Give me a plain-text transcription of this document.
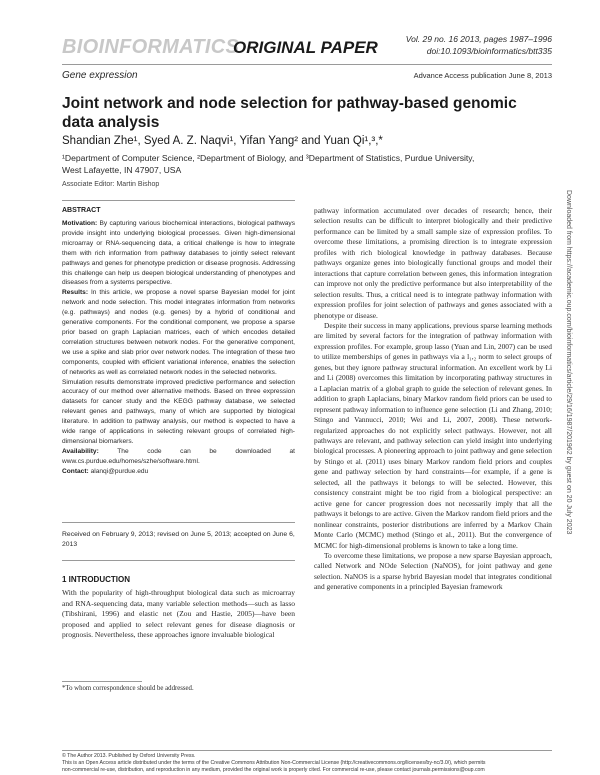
BIOINFORMATICS
ORIGINAL PAPER	Vol. 29 no. 16 2013, pages 1987–1996
doi:10.1093/bioinformatics/btt335
Gene expression	Advance Access publication June 8, 2013
Joint network and node selection for pathway-based genomic data analysis
Shandian Zhe¹, Syed A. Z. Naqvi¹, Yifan Yang² and Yuan Qi¹,³,*
¹Department of Computer Science, ²Department of Biology, and ³Department of Statistics, Purdue University,
West Lafayette, IN 47907, USA
Associate Editor: Martin Bishop
ABSTRACT

Motivation: By capturing various biochemical interactions, biological pathways provide insight into underlying biological processes. Given high-dimensional microarray or RNA-sequencing data, a critical challenge is how to integrate them with rich information from pathway databases to jointly select relevant pathways and genes for phenotype prediction or disease prognosis. Addressing this challenge can help us deepen biological understanding of phenotypes and diseases from a systems perspective.

Results: In this article, we propose a novel sparse Bayesian model for joint network and node selection. This model integrates information from networks (e.g. pathways) and nodes (e.g. genes) by a hybrid of conditional and generative components. For the conditional component, we propose a sparse prior based on graph Laplacian matrices, each of which encodes detailed correlation structures between network nodes. For the generative component, we use a spike and slab prior over network nodes. The integration of these two components, coupled with efficient variational inference, enables the selection of networks as well as correlated network nodes in the selected networks.

Simulation results demonstrate improved predictive performance and selection accuracy of our method over alternative methods. Based on three expression datasets for cancer study and the KEGG pathway database, we selected relevant genes and pathways, many of which are supported by biological literature. In addition to pathway analysis, our method is expected to have a wide range of applications in selecting relevant groups of correlated high-dimensional biomarkers.

Availability:	The code can be downloaded at www.cs.purdue.edu/homes/szhe/software.html.

Contact: alanqi@purdue.edu

Received on February 9, 2013; revised on June 5, 2013; accepted on June 6, 2013
1 INTRODUCTION
With the popularity of high-throughput biological data such as microarray and RNA-sequencing data, many variable selection methods—such as lasso (Tibshirani, 1996) and elastic net (Zou and Hastie, 2005)—have been proposed and applied to select relevant genes for disease diagnosis or prognosis. Nevertheless, these approaches ignore invaluable biological
*To whom correspondence should be addressed.

pathway information accumulated over decades of research; hence, their selection results can be difficult to interpret biologically and their predictive performance can be limited by a small sample size of expression profiles. To overcome these limitations, a promising direction is to integrate expression profiles with rich biological knowledge in pathway databases. Because pathways organize genes into biologically functional groups and model their interactions that capture correlation between genes, this information integration can improve not only the predictive performance but also interpretability of the selection results. Thus, a critical need is to integrate pathway information with expression profiles for joint selection of pathways and genes associated with a phenotype or disease.

Despite their success in many applications, previous sparse learning methods are limited by several factors for the integration of pathway information with expression profiles. For example, group lasso (Yuan and Lin, 2007) can be used to utilize memberships of genes in pathways via a l₁,₂ norm to select groups of genes, but they ignore pathway structural information. An excellent work by Li and Li (2008) overcomes this limitation by incorporating pathway structures in a Laplacian matrix of a global graph to guide the selection of relevant genes. In addition to graph Laplacians, binary Markov random field priors can be used to represent pathway information to influence gene selection (Li and Zhang, 2010; Stingo and Vannucci, 2010; Wei and Li, 2007, 2008). These network-regularized approaches do not explicitly select pathways. However, not all pathways are relevant, and pathway selection can yield insight into underlying biological processes. A pioneering approach to joint pathway and gene selection by Stingo et al. (2011) uses binary Markov random field priors and couples gene and pathway selection by hard constraints—for example, if a gene is selected, all the pathways it belongs to will be selected. However, this consistency constraint might be too rigid from a biological perspective: an active gene for cancer progression does not necessarily imply that all the pathways it belongs to are active. Given the Markov random field priors and the nonlinear constraints, posterior distributions are inferred by a Markov Chain Monte Carlo (MCMC) method (Stingo et al., 2011). But the convergence of MCMC for high-dimensional problems is known to take a long time.

To overcome these limitations, we propose a new sparse Bayesian approach, called Network and NOde Selection (NaNOS), for joint pathway and gene selection. NaNOS is a sparse hybrid Bayesian model that integrates conditional and generative components in a principled Bayesian framework

© The Author 2013. Published by Oxford University Press.
This is an Open Access article distributed under the terms of the Creative Commons Attribution Non-Commercial License (http://creativecommons.org/licenses/by-nc/3.0/), which permits
non-commercial re-use, distribution, and reproduction in any medium, provided the original work is properly cited. For commercial re-use, please contact journals.permissions@oup.com
Downloaded from https://academic.oup.com/bioinformatics/article/29/16/1987/201962 by guest on 20 July 2023
